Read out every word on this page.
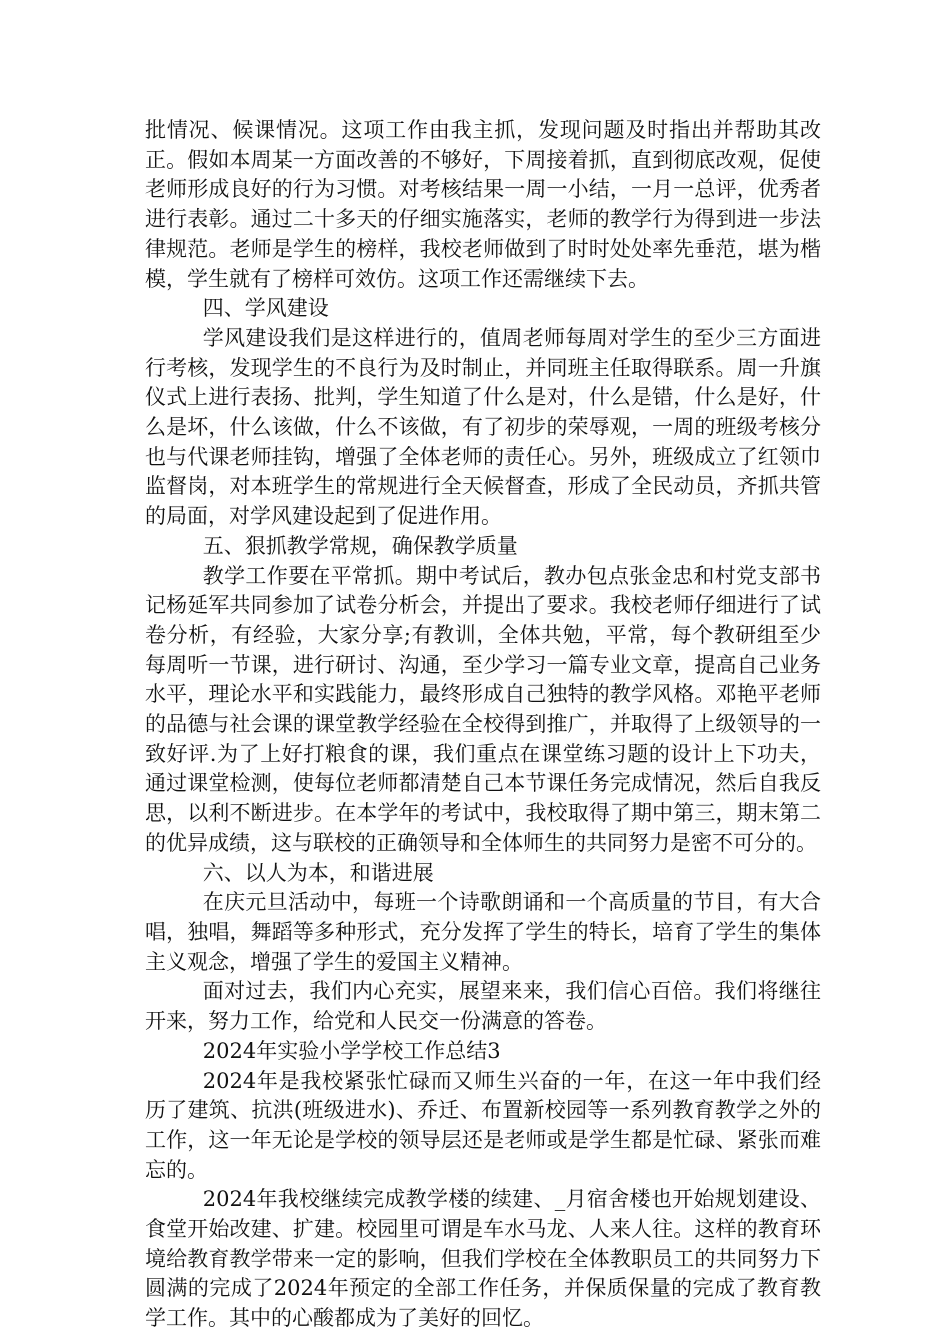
批情况、候课情况。这项工作由我主抓，发现问题及时指出并帮助其改正。假如本周某一方面改善的不够好，下周接着抓，直到彻底改观，促使老师形成良好的行为习惯。对考核结果一周一小结，一月一总评，优秀者进行表彰。通过二十多天的仔细实施落实，老师的教学行为得到进一步法律规范。老师是学生的榜样，我校老师做到了时时处处率先垂范，堪为楷模，学生就有了榜样可效仿。这项工作还需继续下去。

四、学风建设

学风建设我们是这样进行的，值周老师每周对学生的至少三方面进行考核，发现学生的不良行为及时制止，并同班主任取得联系。周一升旗仪式上进行表扬、批判，学生知道了什么是对，什么是错，什么是好，什么是坏，什么该做，什么不该做，有了初步的荣辱观，一周的班级考核分也与代课老师挂钩，增强了全体老师的责任心。另外，班级成立了红领巾监督岗，对本班学生的常规进行全天候督查，形成了全民动员，齐抓共管的局面，对学风建设起到了促进作用。

五、狠抓教学常规，确保教学质量

教学工作要在平常抓。期中考试后，教办包点张金忠和村党支部书记杨延军共同参加了试卷分析会，并提出了要求。我校老师仔细进行了试卷分析，有经验，大家分享;有教训，全体共勉，平常，每个教研组至少每周听一节课，进行研讨、沟通，至少学习一篇专业文章，提高自己业务水平，理论水平和实践能力，最终形成自己独特的教学风格。邓艳平老师的品德与社会课的课堂教学经验在全校得到推广，并取得了上级领导的一致好评.为了上好打粮食的课，我们重点在课堂练习题的设计上下功夫，通过课堂检测，使每位老师都清楚自己本节课任务完成情况，然后自我反思，以利不断进步。在本学年的考试中，我校取得了期中第三，期末第二的优异成绩，这与联校的正确领导和全体师生的共同努力是密不可分的。

六、以人为本，和谐进展

在庆元旦活动中，每班一个诗歌朗诵和一个高质量的节目，有大合唱，独唱，舞蹈等多种形式，充分发挥了学生的特长，培育了学生的集体主义观念，增强了学生的爱国主义精神。

面对过去，我们内心充实，展望来来，我们信心百倍。我们将继往开来，努力工作，给党和人民交一份满意的答卷。

2024年实验小学学校工作总结3

2024年是我校紧张忙碌而又师生兴奋的一年，在这一年中我们经历了建筑、抗洪(班级进水)、乔迁、布置新校园等一系列教育教学之外的工作，这一年无论是学校的领导层还是老师或是学生都是忙碌、紧张而难忘的。

2024年我校继续完成教学楼的续建、_月宿舍楼也开始规划建设、食堂开始改建、扩建。校园里可谓是车水马龙、人来人往。这样的教育环境给教育教学带来一定的影响，但我们学校在全体教职员工的共同努力下圆满的完成了2024年预定的全部工作任务，并保质保量的完成了教育教学工作。其中的心酸都成为了美好的回忆。
